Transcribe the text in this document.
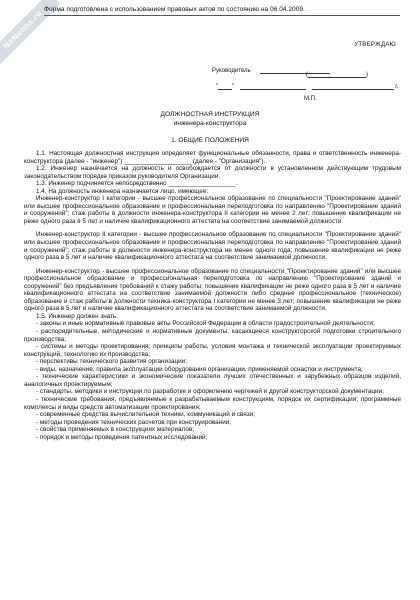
NoNunns.ru Форма подготовлена с использованием правовых актов по состоянию на 06.04.2009.
УТВЕРЖДАЮ
Руководитель
(	)
" "	г.
М.П.
ДОЛЖНОСТНАЯ ИНСТРУКЦИЯ
инженера-конструктора
1. ОБЩИЕ ПОЛОЖЕНИЯ

1.1. Настоящая должностная инструкция определяет функциональные обязанности, права и ответственность инженера-конструктора (далее - "инженер") ___________________ (далее - "Организация").

1.2. Инженер назначается на должность и освобождается от должности в установленном действующим трудовым законодательством порядке приказом руководителя Организации.

1.3. Инженер подчиняется непосредственно ___________________.

1.4. На должность инженера назначается лицо, имеющее:

Инженер-конструктор I категории - высшее профессиональное образование по специальности "Проектирование зданий" или высшее профессиональное образование и профессиональная переподготовка по направлению "Проектирование зданий и сооружений"; стаж работы в должности инженера-конструктора II категории не менее 2 лет; повышение квалификации не реже одного раза в 5 лет и наличие квалификационного аттестата на соответствие занимаемой должности.

Инженер-конструктор II категории - высшее профессиональное образование по специальности "Проектирование зданий" или высшее профессиональное образование и профессиональная переподготовка по направлению "Проектирование зданий и сооружений"; стаж работы в должности инженера-конструктора не менее одного года; повышение квалификации не реже одного раза в 5 лет и наличие квалификационного аттестата на соответствие занимаемой должности.

Инженер-конструктор - высшее профессиональное образование по специальности "Проектирование зданий" или высшее профессиональное образование и профессиональная переподготовка по направлению "Проектирование зданий и сооружений" без предъявления требований к стажу работы; повышение квалификации не реже одного раза в 5 лет и наличие квалификационного аттестата на соответствие занимаемой должности либо среднее профессиональное (техническое) образование и стаж работы в должности техника-конструктора I категории не менее 3 лет; повышение квалификации не реже одного раза в 5 лет и наличие квалификационного аттестата на соответствие занимаемой должности.

1.5. Инженер должен знать:

- законы и иные нормативные правовые акты Российской Федерации в области градостроительной деятельности;

- распорядительные, методические и нормативные документы, касающиеся конструкторской подготовки строительного производства;

- системы и методы проектирования; принципы работы, условия монтажа и технической эксплуатации проектируемых конструкций, технологию их производства;

- перспективы технического развития организации;

- виды, назначение, правила эксплуатации оборудования организации, применяемой оснастки и инструмента;

- технические характеристики и экономические показатели лучших отечественных и зарубежных образцов изделий, аналогичных проектируемым;

- стандарты, методики и инструкции по разработке и оформлению чертежей и другой конструкторской документации;

- технические требования, предъявляемые к разрабатываемым конструкциям, порядок их сертификации; программные комплексы и виды средств автоматизации проектирования;

- современные средства вычислительной техники, коммуникаций и связи;

- методы проведения технических расчетов при конструировании;

- свойства применяемых в конструкциях материалов;

- порядок и методы проведения патентных исследований;
